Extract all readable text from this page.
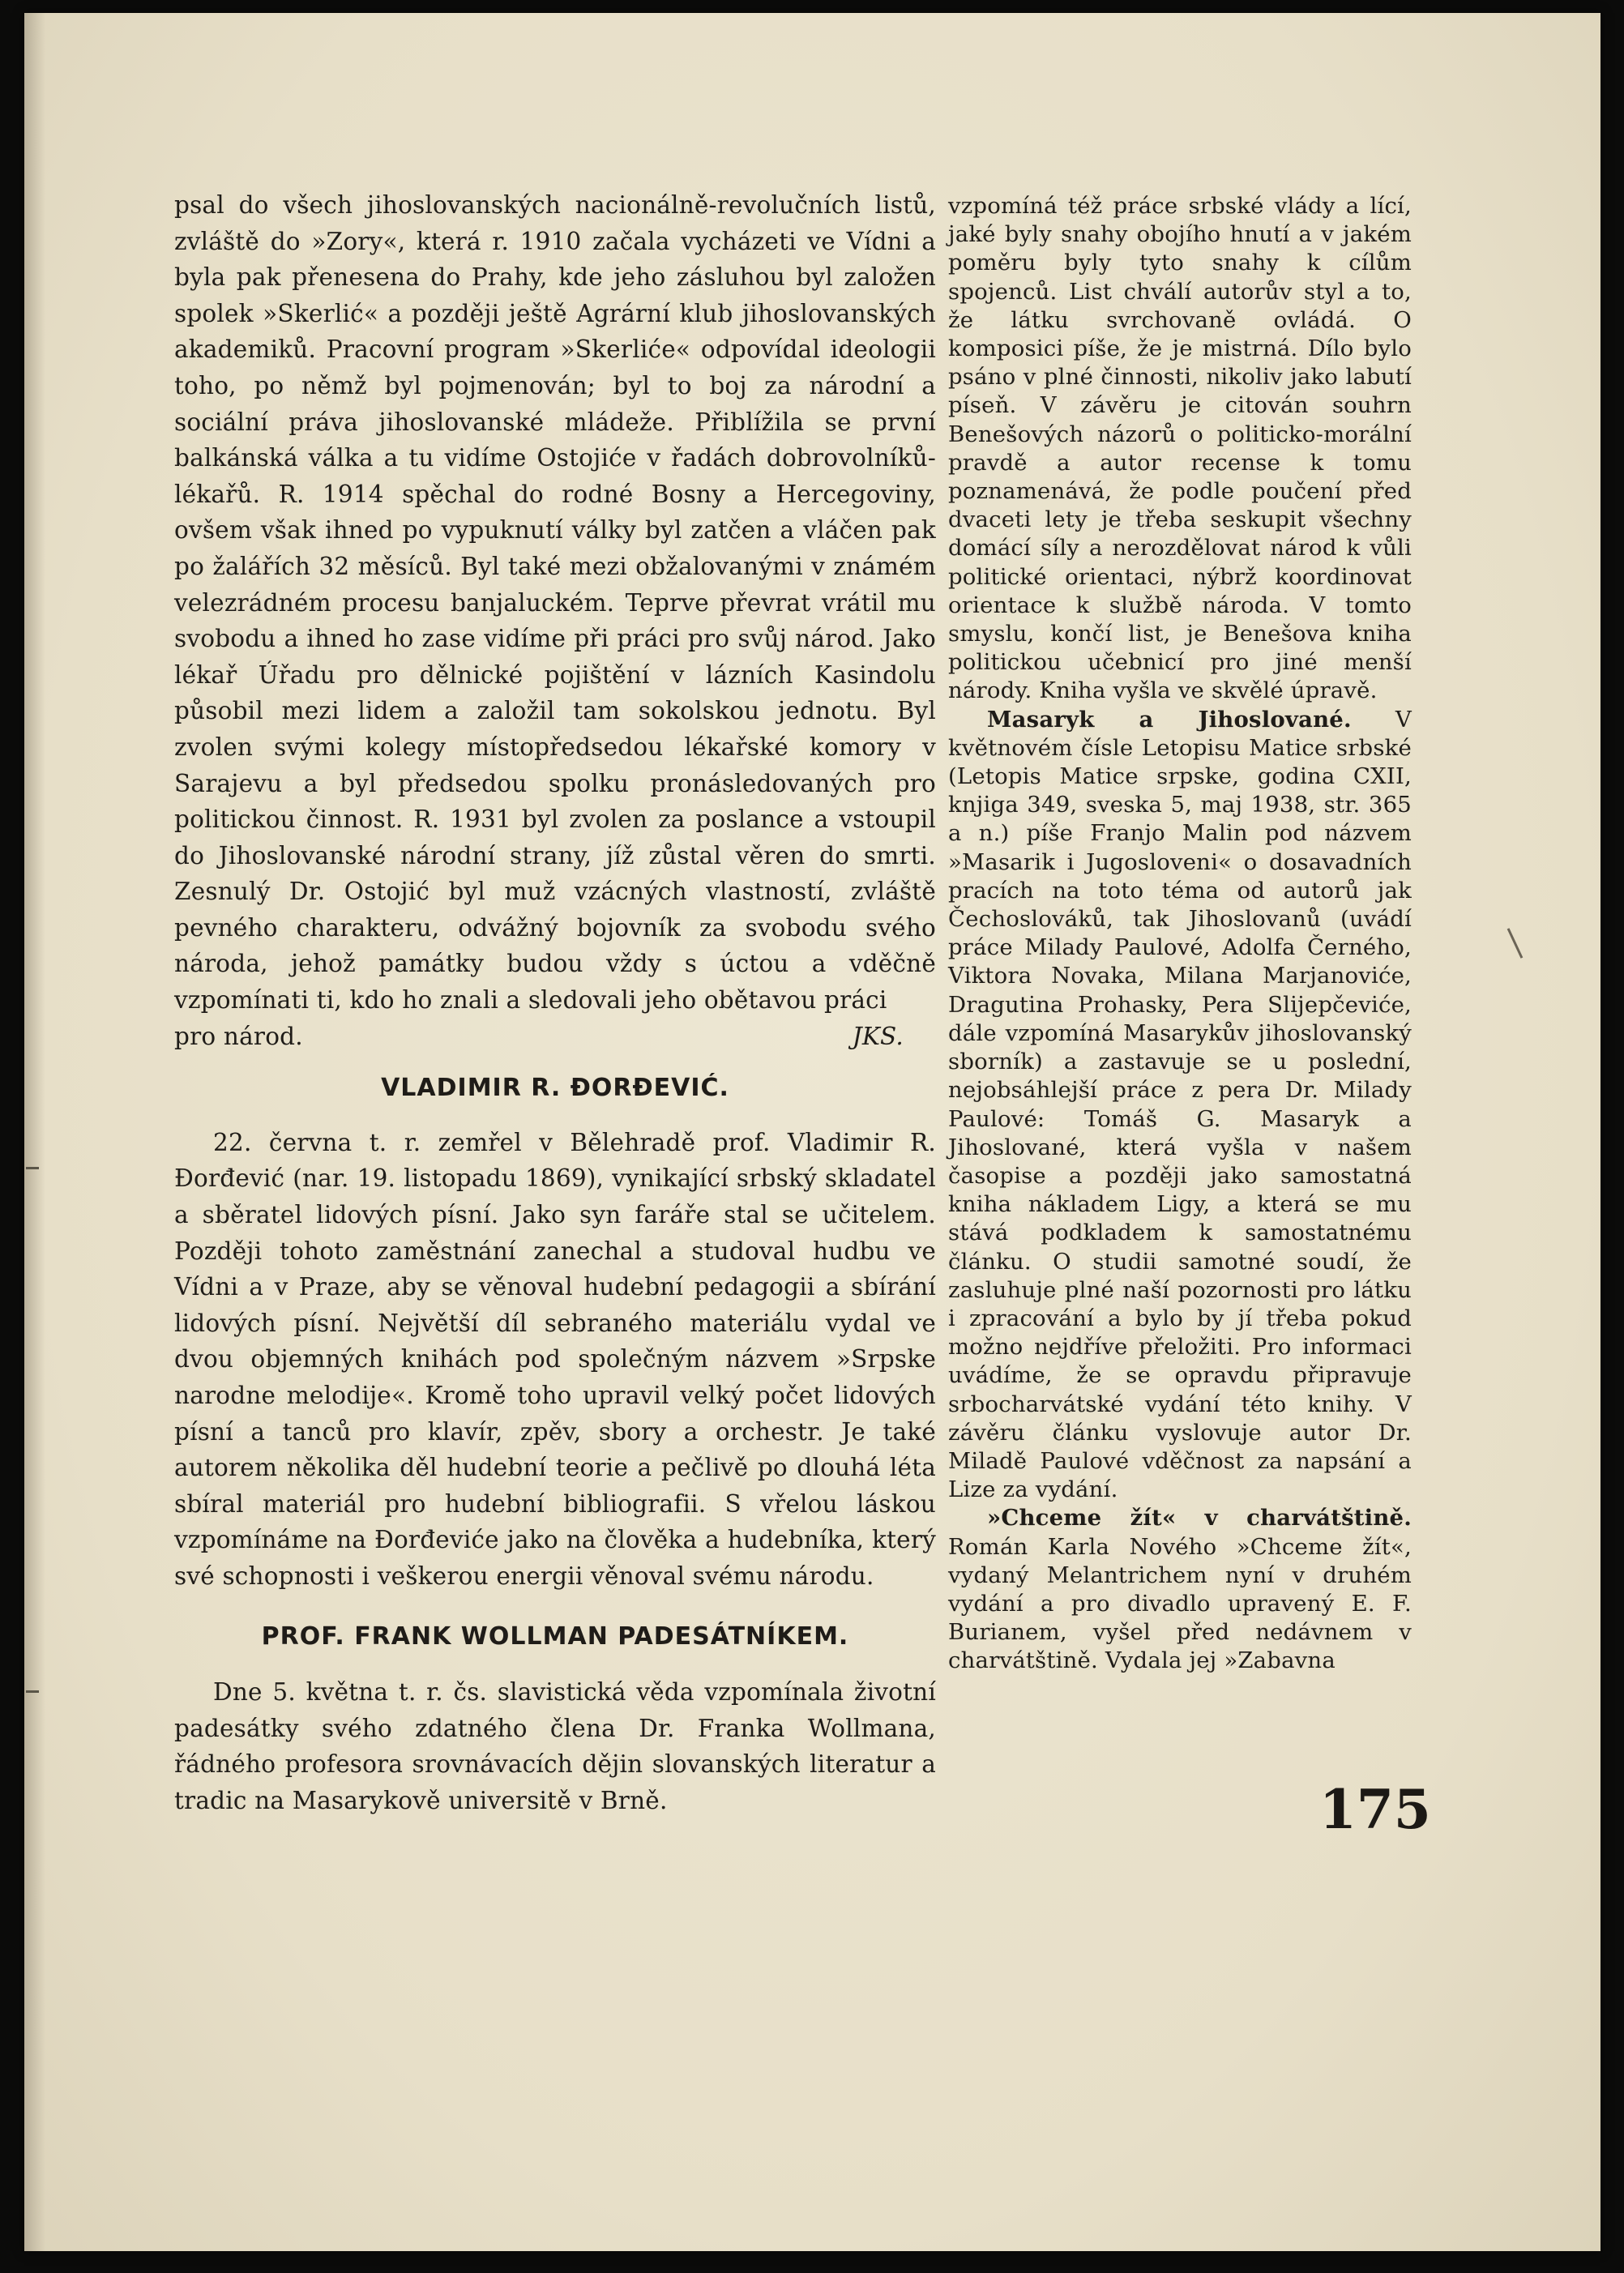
psal do všech jihoslovanských nacionálně-revolučních listů, zvláště do »Zory«, která r. 1910 začala vycházeti ve Vídni a byla pak přenesena do Prahy, kde jeho zásluhou byl založen spolek »Skerlić« a později ještě Agrární klub jihoslovanských akademiků. Pracovní program »Skerliće« odpovídal ideologii toho, po němž byl pojmenován; byl to boj za národní a sociální práva jihoslovanské mládeže. Přiblížila se první balkánská válka a tu vidíme Ostojiće v řadách dobrovolníků-lékařů. R. 1914 spěchal do rodné Bosny a Hercegoviny, ovšem však ihned po vypuknutí války byl zatčen a vláčen pak po žalářích 32 měsíců. Byl také mezi obžalovanými v známém velezrádném procesu banjaluckém. Teprve převrat vrátil mu svobodu a ihned ho zase vidíme při práci pro svůj národ. Jako lékař Úřadu pro dělnické pojištění v lázních Kasindolu působil mezi lidem a založil tam sokolskou jednotu. Byl zvolen svými kolegy místopředsedou lékařské komory v Sarajevu a byl předsedou spolku pronásledovaných pro politickou činnost. R. 1931 byl zvolen za poslance a vstoupil do Jihoslovanské národní strany, jíž zůstal věren do smrti. Zesnulý Dr. Ostojić byl muž vzácných vlastností, zvláště pevného charakteru, odvážný bojovník za svobodu svého národa, jehož památky budou vždy s úctou a vděčně vzpomínati ti, kdo ho znali a sledovali jeho obětavou práci

pro národ.	JKS.
VLADIMIR R. ĐORĐEVIĆ.

22. června t. r. zemřel v Bělehradě prof. Vladimir R. Đorđević (nar. 19. listopadu 1869), vynikající srbský skladatel a sběratel lidových písní. Jako syn faráře stal se učitelem. Později tohoto zaměstnání zanechal a studoval hudbu ve Vídni a v Praze, aby se věnoval hudební pedagogii a sbírání lidových písní. Největší díl sebraného materiálu vydal ve dvou objemných knihách pod společným názvem »Srpske narodne melodije«. Kromě toho upravil velký počet lidových písní a tanců pro klavír, zpěv, sbory a orchestr. Je také autorem několika děl hudební teorie a pečlivě po dlouhá léta sbíral materiál pro hudební bibliografii. S vřelou láskou vzpomínáme na Đorđeviće jako na člověka a hudebníka, který své schopnosti i veškerou energii věnoval svému národu.

PROF. FRANK WOLLMAN PADESÁTNÍKEM.

Dne 5. května t. r. čs. slavistická věda vzpomínala životní padesátky svého zdatného člena Dr. Franka Wollmana, řádného profesora srovnávacích dějin slovanských literatur a tradic na Masarykově universitě v Brně.

vzpomíná též práce srbské vlády a lící, jaké byly snahy obojího hnutí a v jakém poměru byly tyto snahy k cílům spojenců. List chválí autorův styl a to, že látku svrchovaně ovládá. O komposici píše, že je mistrná. Dílo bylo psáno v plné činnosti, nikoliv jako labutí píseň. V závěru je citován souhrn Benešových názorů o politicko-morální pravdě a autor recense k tomu poznamenává, že podle poučení před dvaceti lety je třeba seskupit všechny domácí síly a nerozdělovat národ k vůli politické orientaci, nýbrž koordinovat orientace k službě národa. V tomto smyslu, končí list, je Benešova kniha politickou učebnicí pro jiné menší národy. Kniha vyšla ve skvělé úpravě.

Masaryk a Jihoslované. V květnovém čísle Letopisu Matice srbské (Letopis Matice srpske, godina CXII, knjiga 349, sveska 5, maj 1938, str. 365 a n.) píše Franjo Malin pod názvem »Masarik i Jugosloveni« o dosavadních pracích na toto téma od autorů jak Čechoslováků, tak Jihoslovanů (uvádí práce Milady Paulové, Adolfa Černého, Viktora Novaka, Milana Marjanoviće, Dragutina Prohasky, Pera Slijepčeviće, dále vzpomíná Masarykův jihoslovanský sborník) a zastavuje se u poslední, nejobsáhlejší práce z pera Dr. Milady Paulové: Tomáš G. Masaryk a Jihoslované, která vyšla v našem časopise a později jako samostatná kniha nákladem Ligy, a která se mu stává podkladem k samostatnému článku. O studii samotné soudí, že zasluhuje plné naší pozornosti pro látku i zpracování a bylo by jí třeba pokud možno nejdříve přeložiti. Pro informaci uvádíme, že se opravdu připravuje srbocharvátské vydání této knihy. V závěru článku vyslovuje autor Dr. Miladě Paulové vděčnost za napsání a Lize za vydání.

»Chceme žít« v charvátštině. Román Karla Nového »Chceme žít«, vydaný Melantrichem nyní v druhém vydání a pro divadlo upravený E. F. Burianem, vyšel před nedávnem v charvátštině. Vydala jej »Zabavna

175
